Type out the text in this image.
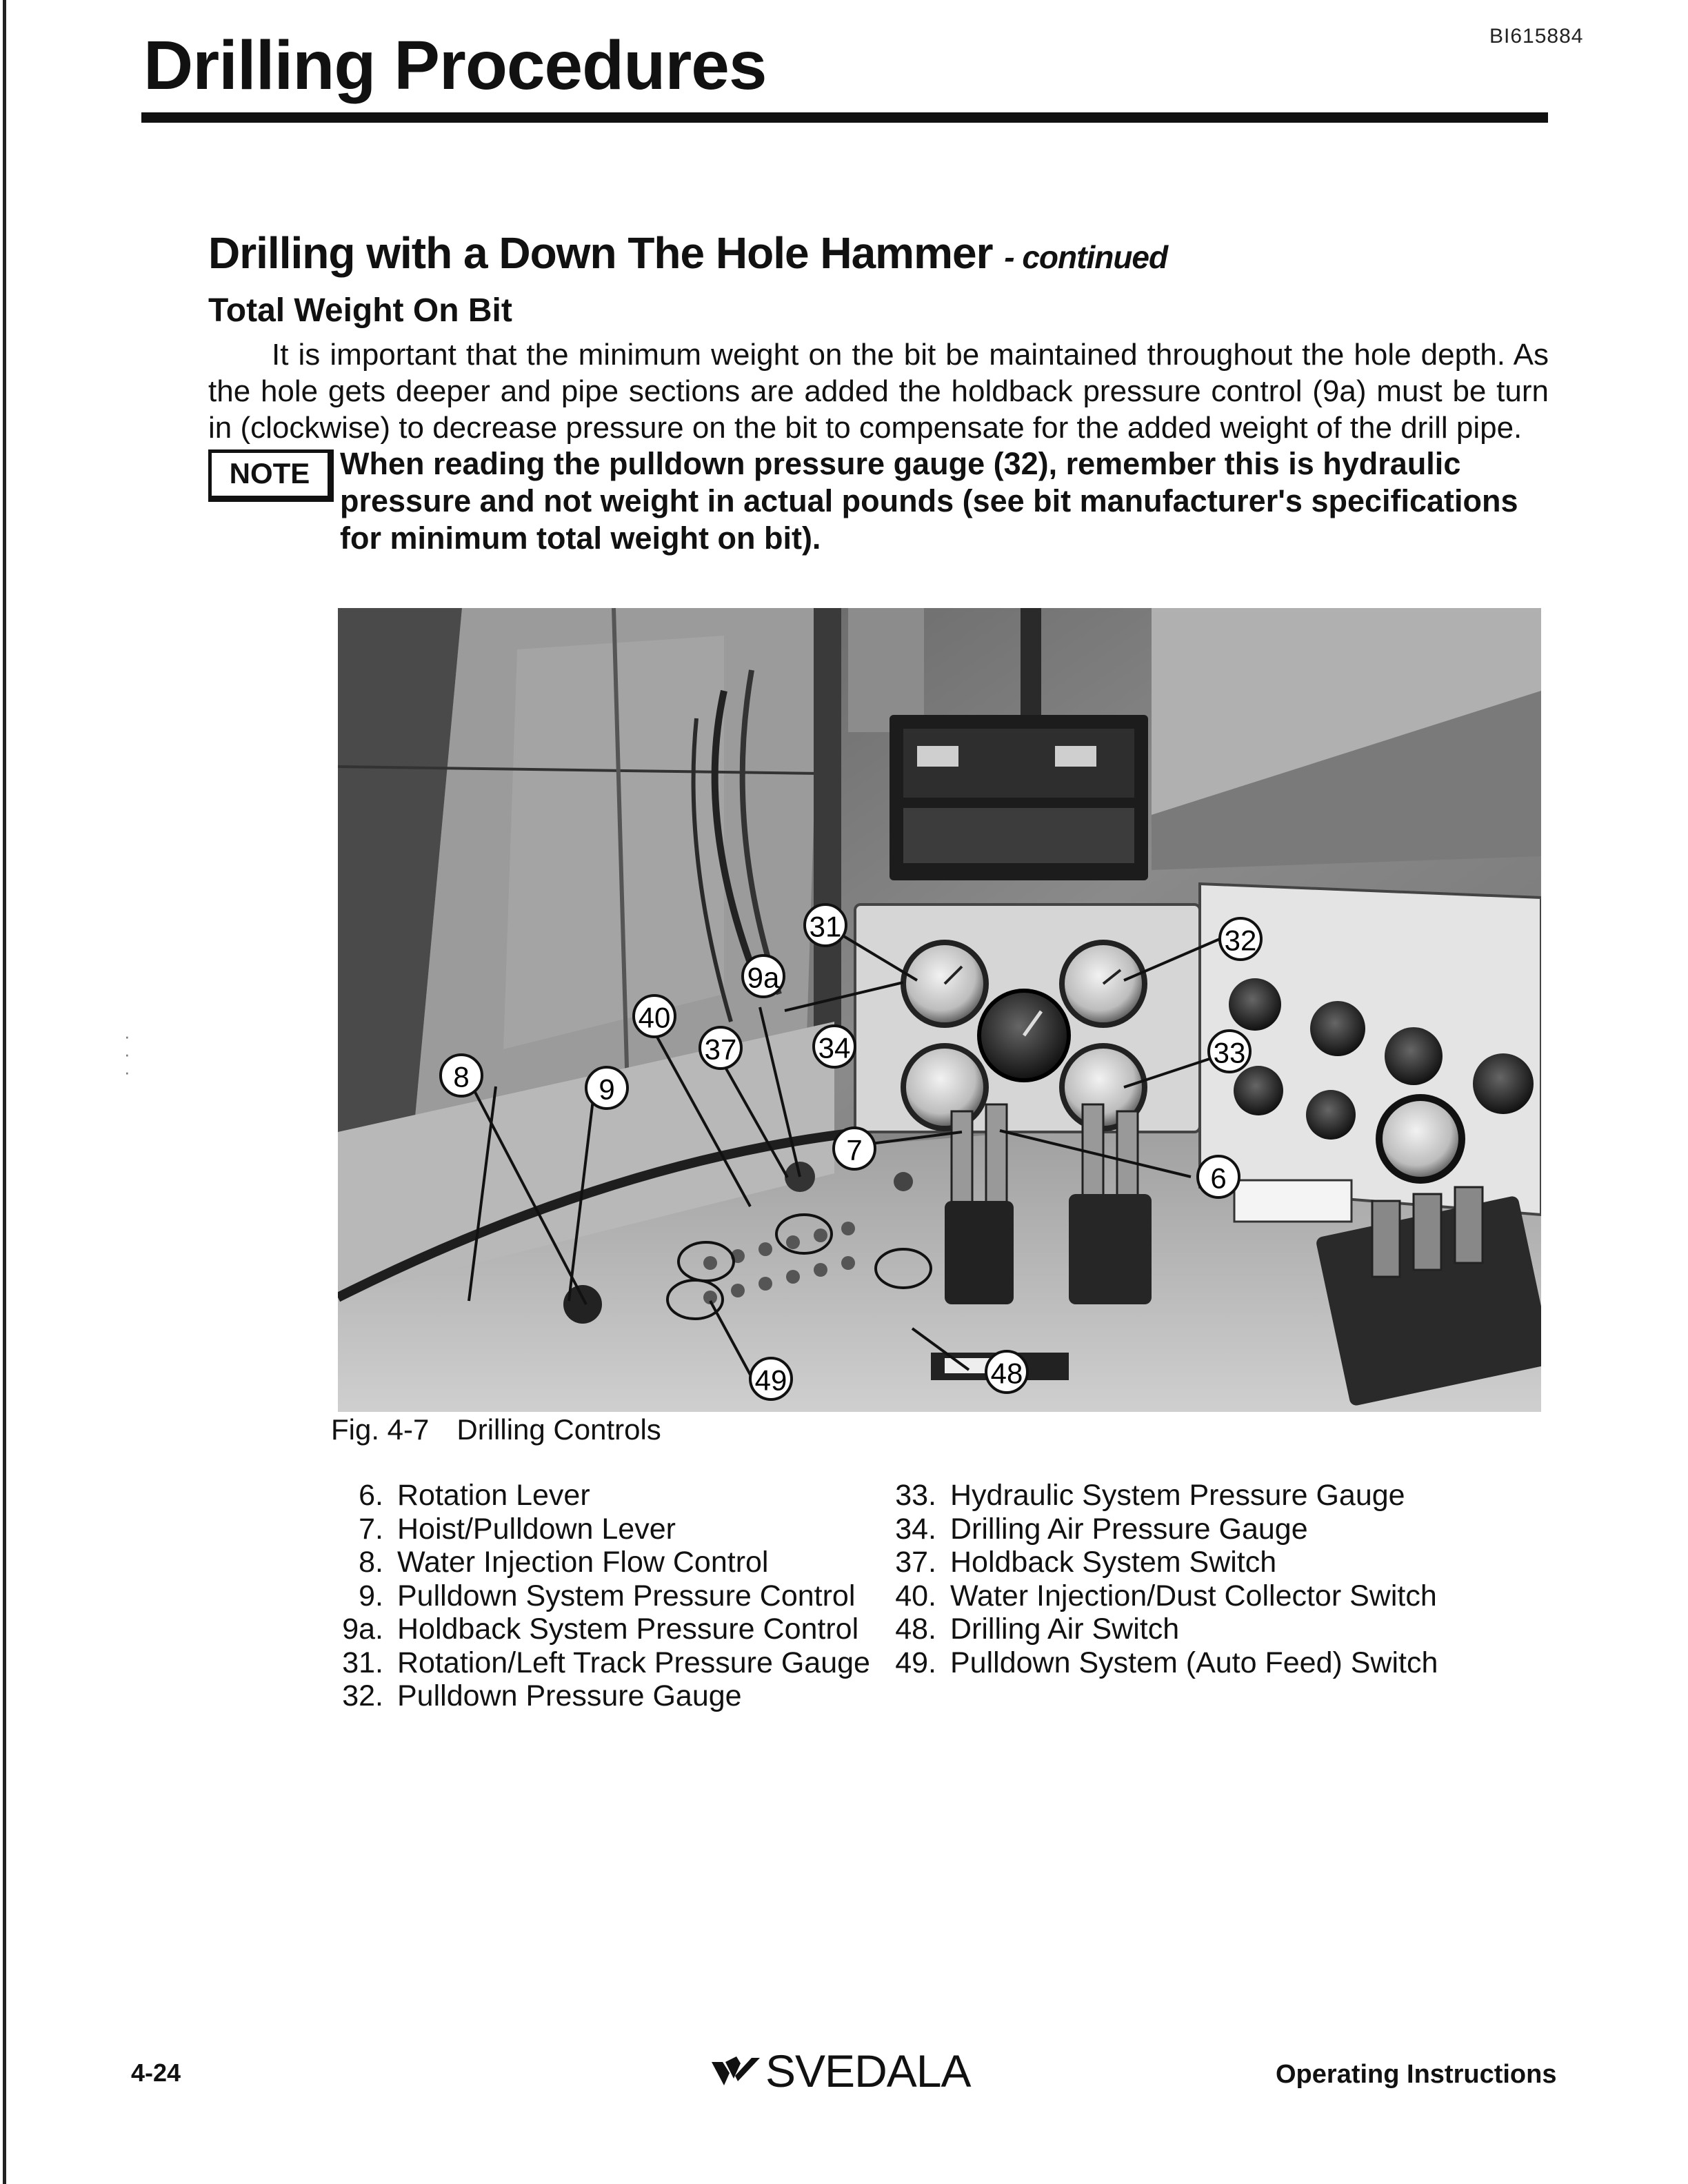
BI615884
Drilling Procedures
Drilling with a Down The Hole Hammer - continued
Total Weight On Bit

It is important that the minimum weight on the bit be maintained throughout the hole depth. As the hole gets deeper and pipe sections are added the holdback pressure control (9a) must be turn in (clockwise) to decrease pressure on the bit to compensate for the added weight of the drill pipe.

NOTE When reading the pulldown pressure gauge (32), remember this is hydraulic pressure and not weight in actual pounds (see bit manufacturer's specifications for minimum total weight on bit).

·
·
·
31	32
9a
40
37	34	33
8	9
7
6
49	48
Fig. 4-7 Drilling Controls
6. Rotation Lever
7. Hoist/Pulldown Lever
8. Water Injection Flow Control
9. Pulldown System Pressure Control
9a. Holdback System Pressure Control
31. Rotation/Left Track Pressure Gauge
32. Pulldown Pressure Gauge
33. Hydraulic System Pressure Gauge
34. Drilling Air Pressure Gauge
37. Holdback System Switch
40. Water Injection/Dust Collector Switch
48. Drilling Air Switch
49. Pulldown System (Auto Feed) Switch
4-24	SVEDALA	Operating Instructions
